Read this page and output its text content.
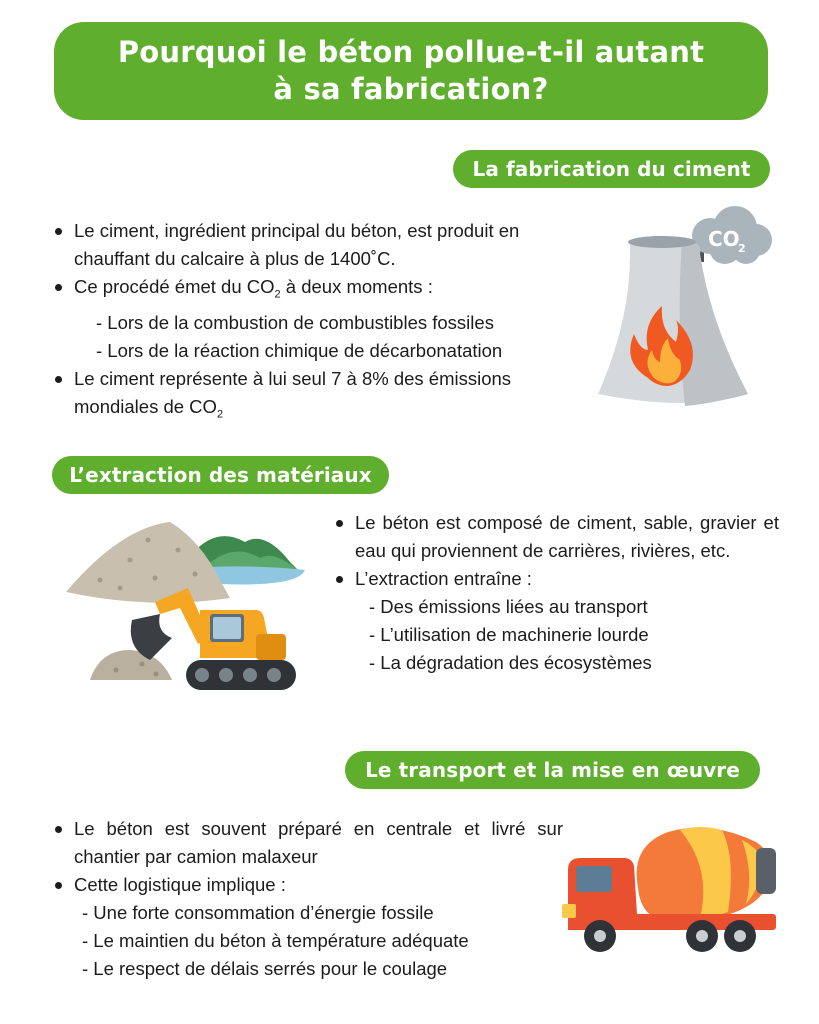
Pourquoi le béton pollue-t-il autant
à sa fabrication?
La fabrication du ciment
Le ciment, ingrédient principal du béton, est produit en chauffant du calcaire à plus de 1400˚C.
Ce procédé émet du $CO_2$ à deux moments :
- Lors de la combustion de combustibles fossiles
- Lors de la réaction chimique de décarbonatation
Le ciment représente à lui seul 7 à 8% des émissions mondiales de $CO_2$
CO
2
L’extraction des matériaux
Le béton est composé de ciment, sable, gravier et eau qui proviennent de carrières, rivières, etc.
L’extraction entraîne :
- Des émissions liées au transport
- L’utilisation de machinerie lourde
- La dégradation des écosystèmes
Le transport et la mise en œuvre
Le béton est souvent préparé en centrale et livré sur chantier par camion malaxeur
Cette logistique implique :
- Une forte consommation d’énergie fossile
- Le maintien du béton à température adéquate
- Le respect de délais serrés pour le coulage
